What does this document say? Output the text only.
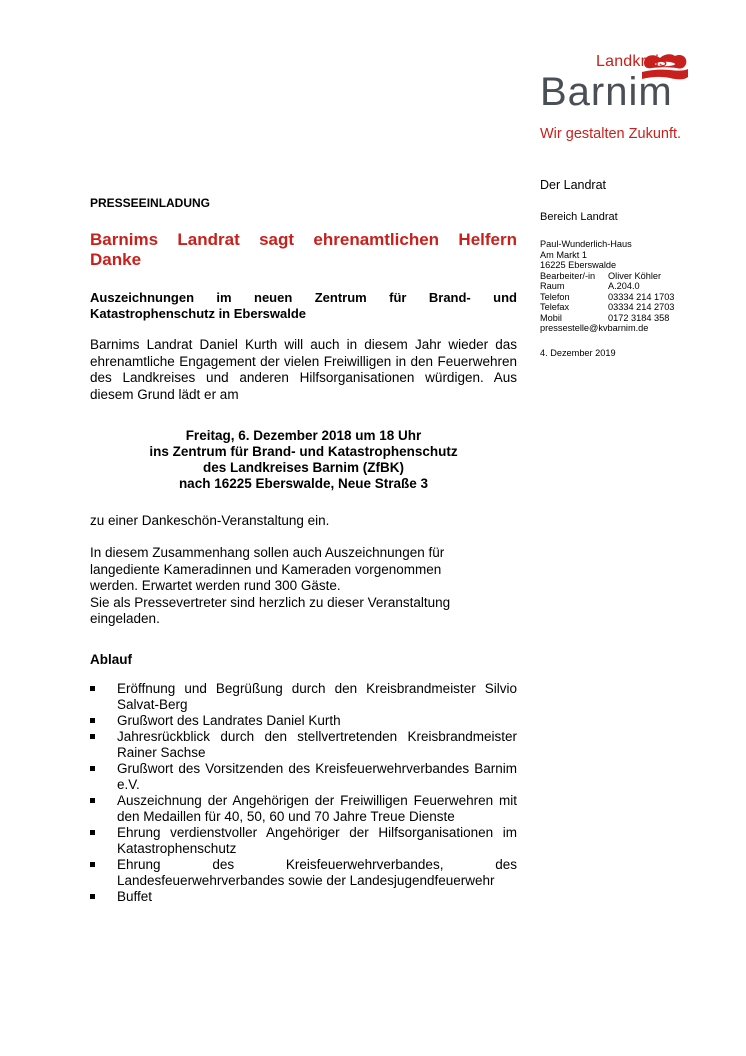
Landkreis
Barnim
Wir gestalten Zukunft.
Der Landrat
Bereich Landrat
Paul-Wunderlich-Haus
Am Markt 1
16225 Eberswalde
Bearbeiter/-in	Oliver Köhler
Raum	A.204.0
Telefon	03334 214 1703
Telefax	03334 214 2703
Mobil	0172 3184 358
pressestelle@kvbarnim.de
4. Dezember 2019
PRESSEEINLADUNG
Barnims Landrat sagt ehrenamtlichen Helfern
Danke
Auszeichnungen im neuen Zentrum für Brand- und Katastrophenschutz in Eberswalde
Barnims Landrat Daniel Kurth will auch in diesem Jahr wieder das ehrenamtliche Engagement der vielen Freiwilligen in den Feuerwehren des Landkreises und anderen Hilfsorganisationen würdigen. Aus diesem Grund lädt er am
Freitag, 6. Dezember 2018 um 18 Uhr
ins Zentrum für Brand- und Katastrophenschutz
des Landkreises Barnim (ZfBK)
nach 16225 Eberswalde, Neue Straße 3
zu einer Dankeschön-Veranstaltung ein.
In diesem Zusammenhang sollen auch Auszeichnungen für
langediente Kameradinnen und Kameraden vorgenommen
werden. Erwartet werden rund 300 Gäste.
Sie als Pressevertreter sind herzlich zu dieser Veranstaltung
eingeladen.
Ablauf
Eröffnung und Begrüßung durch den Kreisbrandmeister Silvio Salvat-Berg
Grußwort des Landrates Daniel Kurth
Jahresrückblick durch den stellvertretenden Kreisbrandmeister Rainer Sachse
Grußwort des Vorsitzenden des Kreisfeuerwehrverbandes Barnim e.V.
Auszeichnung der Angehörigen der Freiwilligen Feuerwehren mit den Medaillen für 40, 50, 60 und 70 Jahre Treue Dienste
Ehrung verdienstvoller Angehöriger der Hilfsorganisationen im Katastrophenschutz
Ehrung des Kreisfeuerwehrverbandes, des Landesfeuerwehrverbandes sowie der Landesjugendfeuerwehr
Buffet
